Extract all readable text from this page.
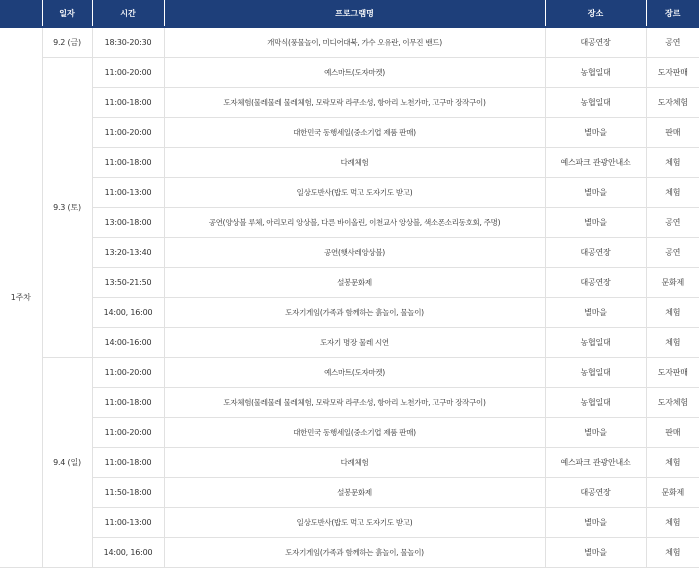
	일자	시간	프로그램명	장소	장르
1주차	9.2 (금)	18:30-20:30	개막식(풍물놀이, 미디어대북, 가수 오유란, 이무진 밴드)	대공연장	공연
	9.3 (토)	11:00-20:00	예스마트(도자마켓)	농협일대	도자판매
		11:00-18:00	도자체험(물레물레 물레체험, 모락모락 라쿠소성, 항아리 노천가마, 고구마 장작구이)	농협일대	도자체험
		11:00-20:00	대한민국 동행세일(중소기업 제품 판매)	별마을	판매
		11:00-18:00	다례체험	예스파크 관광안내소	체험
		11:00-13:00	일상도반사(밥도 먹고 도자기도 받고)	별마을	체험
		13:00-18:00	공연(양상블 루체, 아리모리 앙상블, 다른 바이올린, 이천교사 앙상블, 색소폰소리동호회, 주명)	별마을	공연
		13:20-13:40	공연(햇사레앙상블)	대공연장	공연
		13:50-21:50	설봉문화제	대공연장	문화제
		14:00, 16:00	도자기게임(가족과 함께하는 흙놀이, 물놀이)	별마을	체험
		14:00-16:00	도자기 명장 물레 시연	농협일대	체험
	9.4 (일)	11:00-20:00	예스마트(도자마켓)	농협일대	도자판매
		11:00-18:00	도자체험(물레물레 물레체험, 모락모락 라쿠소성, 항아리 노천가마, 고구마 장작구이)	농협일대	도자체험
		11:00-20:00	대한민국 동행세일(중소기업 제품 판매)	별마을	판매
		11:00-18:00	다례체험	예스파크 관광안내소	체험
		11:50-18:00	설봉문화제	대공연장	문화제
		11:00-13:00	일상도반사(밥도 먹고 도자기도 받고)	별마을	체험
		14:00, 16:00	도자기게임(가족과 함께하는 흙놀이, 물놀이)	별마을	체험
